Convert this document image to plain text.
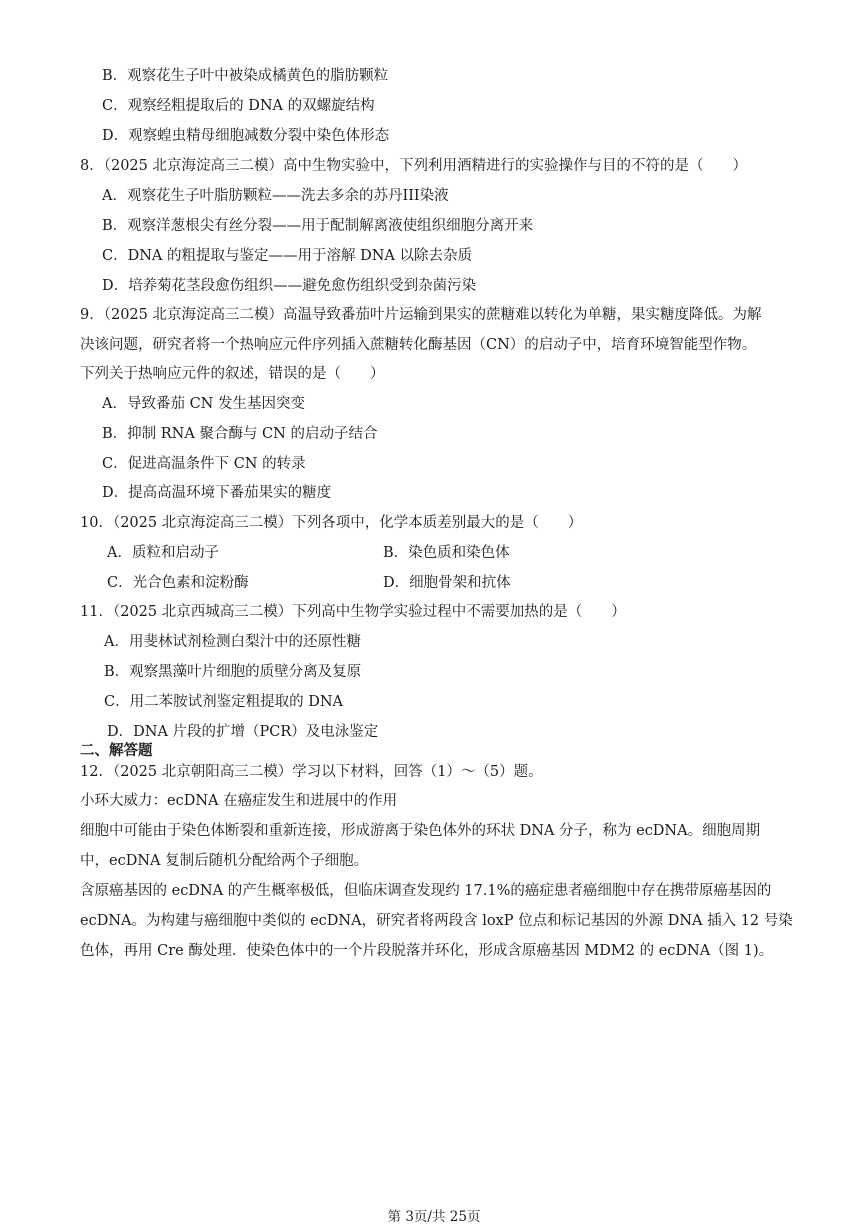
B．观察花生子叶中被染成橘黄色的脂肪颗粒
C．观察经粗提取后的 DNA 的双螺旋结构
D．观察蝗虫精母细胞减数分裂中染色体形态
8．（2025 北京海淀高三二模）高中生物实验中，下列利用酒精进行的实验操作与目的不符的是（　　）
A．观察花生子叶脂肪颗粒——洗去多余的苏丹III染液
B．观察洋葱根尖有丝分裂——用于配制解离液使组织细胞分离开来
C．DNA 的粗提取与鉴定——用于溶解 DNA 以除去杂质
D．培养菊花茎段愈伤组织——避免愈伤组织受到杂菌污染
9．（2025 北京海淀高三二模）高温导致番茄叶片运输到果实的蔗糖难以转化为单糖，果实糖度降低。为解
决该问题，研究者将一个热响应元件序列插入蔗糖转化酶基因（CN）的启动子中，培育环境智能型作物。
下列关于热响应元件的叙述，错误的是（　　）
A．导致番茄 CN 发生基因突变
B．抑制 RNA 聚合酶与 CN 的启动子结合
C．促进高温条件下 CN 的转录
D．提高高温环境下番茄果实的糖度
10．（2025 北京海淀高三二模）下列各项中，化学本质差别最大的是（　　）
A．质粒和启动子	B．染色质和染色体
C．光合色素和淀粉酶	D．细胞骨架和抗体
11．（2025 北京西城高三二模）下列高中生物学实验过程中不需要加热的是（　　）
A．用斐林试剂检测白梨汁中的还原性糖
B．观察黑藻叶片细胞的质壁分离及复原
C．用二苯胺试剂鉴定粗提取的 DNA
D．DNA 片段的扩增（PCR）及电泳鉴定
二、解答题
12．（2025 北京朝阳高三二模）学习以下材料，回答（1）～（5）题。
小环大威力：ecDNA 在癌症发生和进展中的作用
细胞中可能由于染色体断裂和重新连接，形成游离于染色体外的环状 DNA 分子，称为 ecDNA。细胞周期
中，ecDNA 复制后随机分配给两个子细胞。
含原癌基因的 ecDNA 的产生概率极低，但临床调查发现约 17.1%的癌症患者癌细胞中存在携带原癌基因的
ecDNA。为构建与癌细胞中类似的 ecDNA，研究者将两段含 loxP 位点和标记基因的外源 DNA 插入 12 号染
色体，再用 Cre 酶处理．使染色体中的一个片段脱落并环化，形成含原癌基因 MDM2 的 ecDNA（图 1)。
第 3页/共 25页
